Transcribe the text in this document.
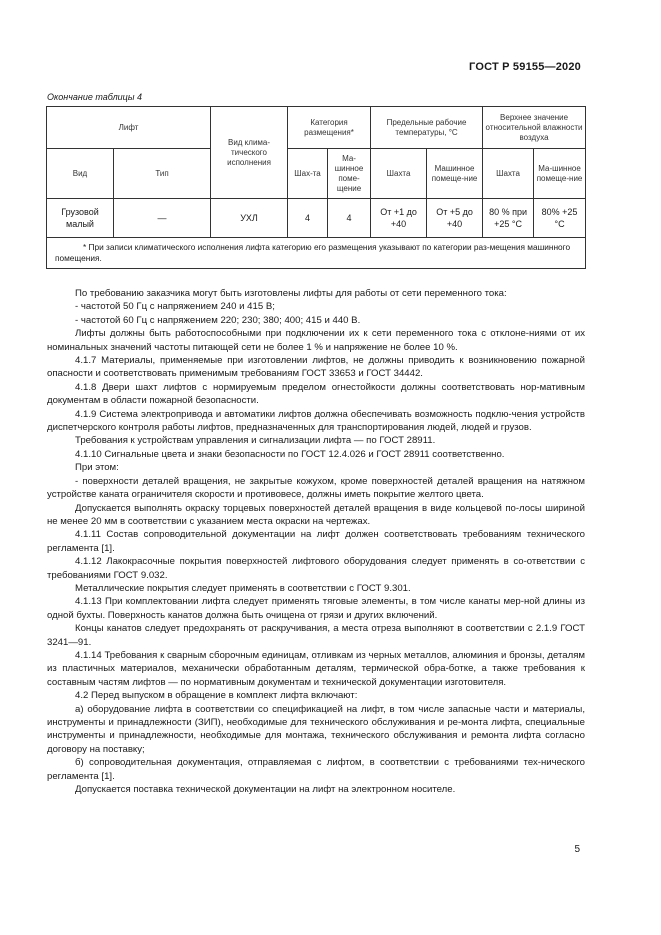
ГОСТ Р 59155—2020
Окончание таблицы 4
Лифт		Вид клима-тического исполнения	Категория размещения*		Предельные рабочие температуры, °С		Верхнее значение относительной влажности воздуха	
Вид	Тип		Шах-та	Ма-шинное поме-щение	Шахта	Машинное помеще-ние	Шахта	Ма-шинное помеще-ние
Грузовой малый	—	УХЛ	4	4	От +1 до +40	От +5 до +40	80 % при +25 °С	80% +25 °С
* При записи климатического исполнения лифта категорию его размещения указывают по категории раз-мещения машинного помещения.								

По требованию заказчика могут быть изготовлены лифты для работы от сети переменного тока:

- частотой 50 Гц с напряжением 240 и 415 В;

- частотой 60 Гц с напряжением 220; 230; 380; 400; 415 и 440 В.

Лифты должны быть работоспособными при подключении их к сети переменного тока с отклоне-ниями от их номинальных значений частоты питающей сети не более 1 % и напряжение не более 10 %.

4.1.7 Материалы, применяемые при изготовлении лифтов, не должны приводить к возникновению пожарной опасности и соответствовать применимым требованиям ГОСТ 33653 и ГОСТ 34442.

4.1.8 Двери шахт лифтов с нормируемым пределом огнестойкости должны соответствовать нор-мативным документам в области пожарной безопасности.

4.1.9 Система электропривода и автоматики лифтов должна обеспечивать возможность подклю-чения устройств диспетчерского контроля работы лифтов, предназначенных для транспортирования людей, людей и грузов.

Требования к устройствам управления и сигнализации лифта — по ГОСТ 28911.

4.1.10 Сигнальные цвета и знаки безопасности по ГОСТ 12.4.026 и ГОСТ 28911 соответственно.

При этом:

- поверхности деталей вращения, не закрытые кожухом, кроме поверхностей деталей вращения на натяжном устройстве каната ограничителя скорости и противовесе, должны иметь покрытие желтого цвета.

Допускается выполнять окраску торцевых поверхностей деталей вращения в виде кольцевой по-лосы шириной не менее 20 мм в соответствии с указанием места окраски на чертежах.

4.1.11 Состав сопроводительной документации на лифт должен соответствовать требованиям технического регламента [1].

4.1.12 Лакокрасочные покрытия поверхностей лифтового оборудования следует применять в со-ответствии с требованиями ГОСТ 9.032.

Металлические покрытия следует применять в соответствии с ГОСТ 9.301.

4.1.13 При комплектовании лифта следует применять тяговые элементы, в том числе канаты мер-ной длины из одной бухты. Поверхность канатов должна быть очищена от грязи и других включений.

Концы канатов следует предохранять от раскручивания, а места отреза выполняют в соответствии с 2.1.9 ГОСТ 3241—91.

4.1.14 Требования к сварным сборочным единицам, отливкам из черных металлов, алюминия и бронзы, деталям из пластичных материалов, механически обработанным деталям, термической обра-ботке, а также требования к составным частям лифтов — по нормативным документам и технической документации изготовителя.

4.2 Перед выпуском в обращение в комплект лифта включают:

а) оборудование лифта в соответствии со спецификацией на лифт, в том числе запасные части и материалы, инструменты и принадлежности (ЗИП), необходимые для технического обслуживания и ре-монта лифта, специальные инструменты и принадлежности, необходимые для монтажа, технического обслуживания и ремонта лифта согласно договору на поставку;

б) сопроводительная документация, отправляемая с лифтом, в соответствии с требованиями тех-нического регламента [1].

Допускается поставка технической документации на лифт на электронном носителе.

5
